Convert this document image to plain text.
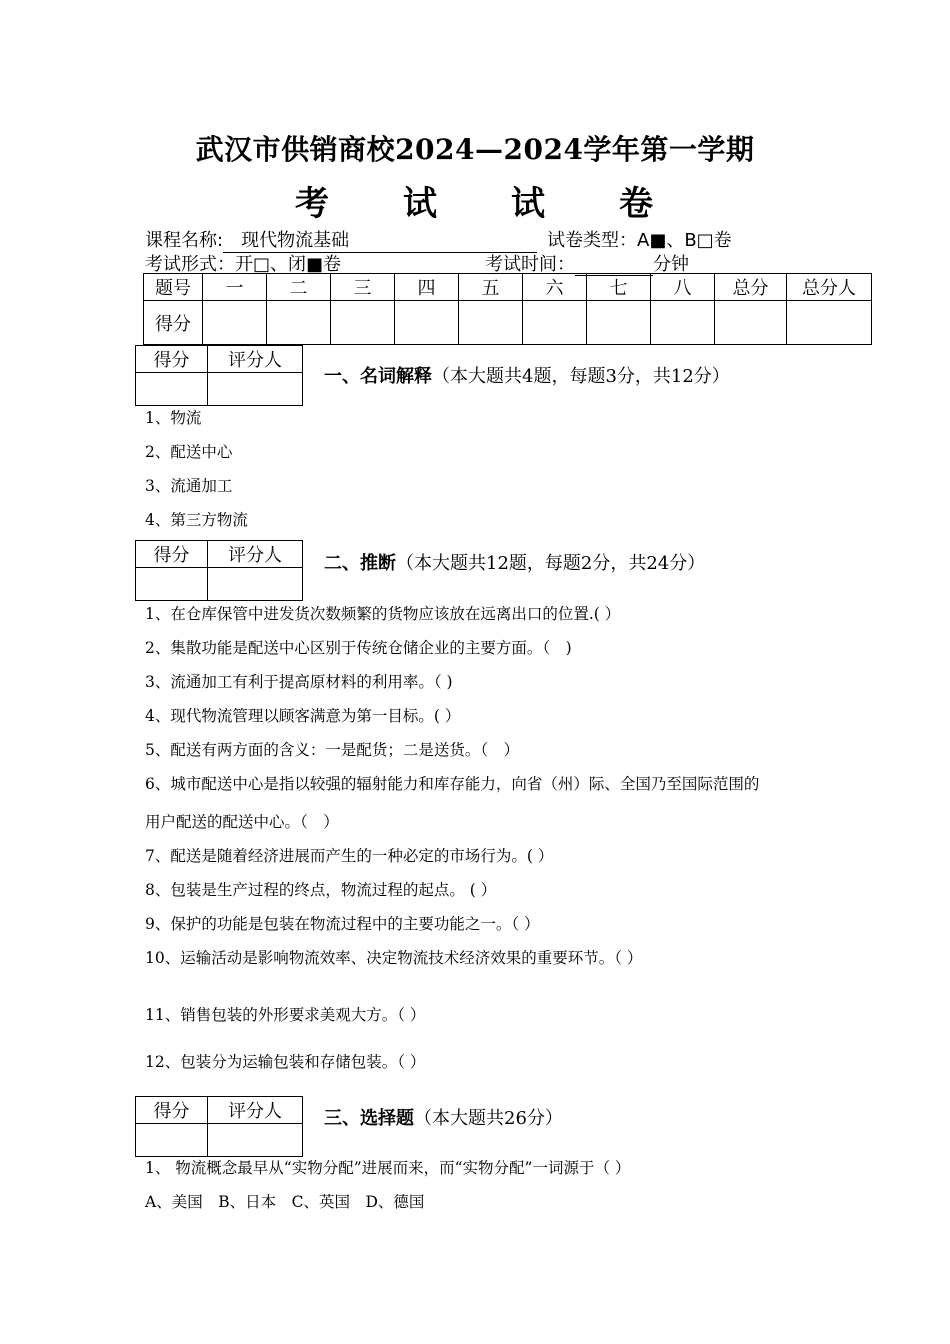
武汉市供销商校2024—2024学年第一学期
考 试 试 卷
课程名称: 现代物流基础	试卷类型：A■、B□卷
考试形式：开□、闭■卷	考试时间：	分钟
题号	一	二	三	四	五	六	七	八	总分	总分人
得分										
得分	评分人

一、名词解释（本大题共4题，每题3分，共12分）
1、物流
2、配送中心
3、流通加工
4、第三方物流
得分	评分人
	二、推断（本大题共12题，每题2分，共24分）
1、在仓库保管中进发货次数频繁的货物应该放在远离出口的位置.( ）
2、集散功能是配送中心区别于传统仓储企业的主要方面。（　)
3、流通加工有利于提高原材料的利用率。（ )
4、现代物流管理以顾客满意为第一目标。( ）
5、配送有两方面的含义：一是配货；二是送货。（　）
6、城市配送中心是指以较强的辐射能力和库存能力，向省（州）际、全国乃至国际范围的
用户配送的配送中心。（　）
7、配送是随着经济进展而产生的一种必定的市场行为。( ）
8、包装是生产过程的终点，物流过程的起点。 ( ）
9、保护的功能是包装在物流过程中的主要功能之一。（ ）
10、运输活动是影响物流效率、决定物流技术经济效果的重要环节。（ ）
11、销售包装的外形要求美观大方。（ ）
12、包装分为运输包装和存储包装。（ ）
得分	评分人
	三、选择题（本大题共26分）
1、 物流概念最早从“实物分配”进展而来，而“实物分配”一词源于（ ）
A、美国　B、日本　C、英国　D、德国
